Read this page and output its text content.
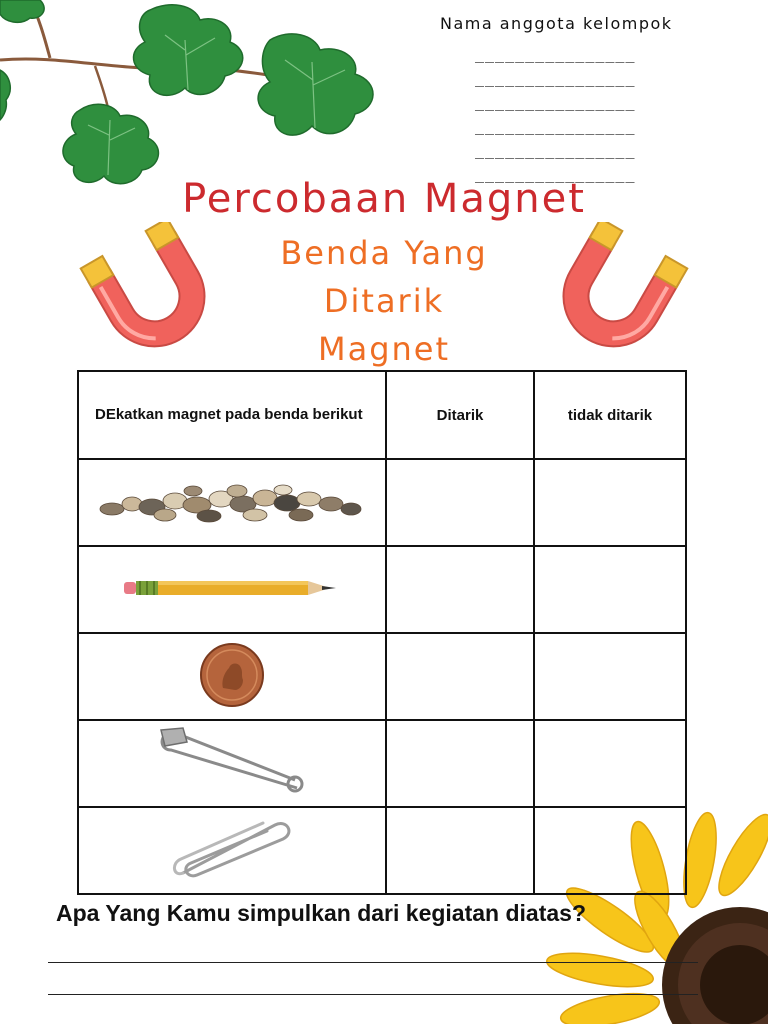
Nama anggota kelompok
________________
________________
________________
________________
________________
________________
Percobaan Magnet
Benda Yang
Ditarik
Magnet
DEkatkan magnet pada benda berikut	Ditarik	tidak ditarik

Apa Yang Kamu simpulkan dari kegiatan diatas?
